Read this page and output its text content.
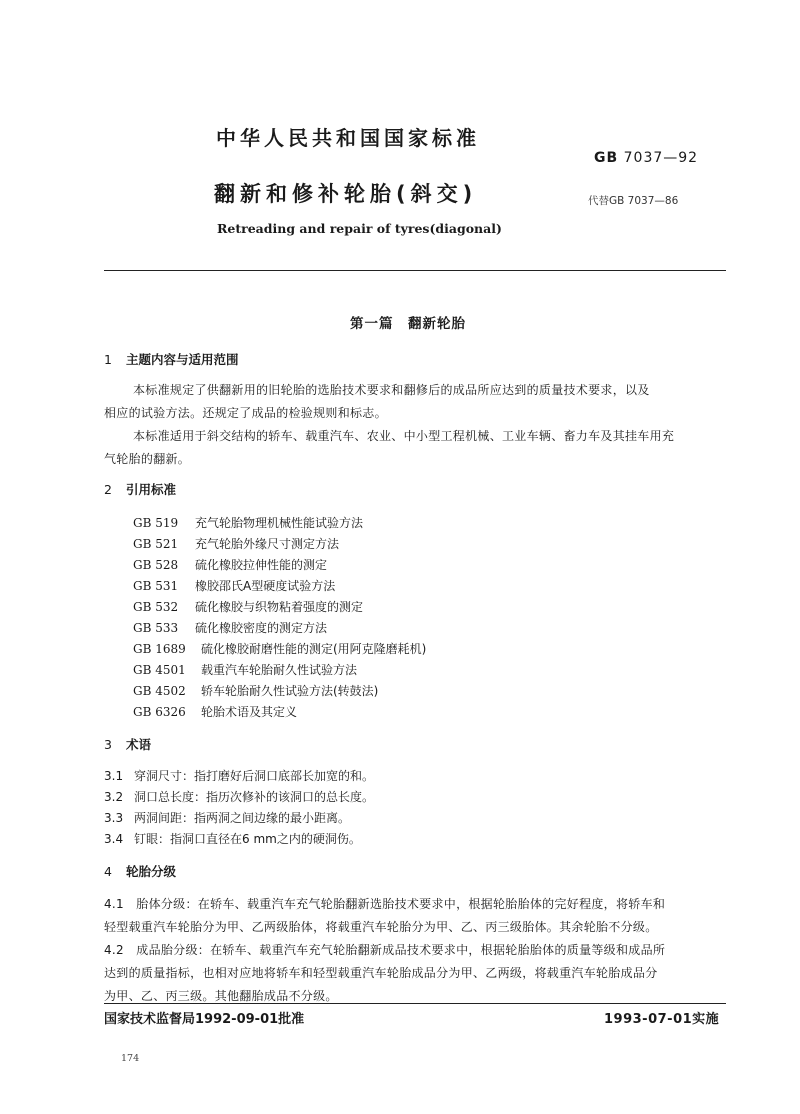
中华人民共和国国家标准
GB 7037—92
翻新和修补轮胎(斜交)	代替GB 7037—86
Retreading and repair of tyres(diagonal)
第一篇　翻新轮胎
1 主题内容与适用范围
本标准规定了供翻新用的旧轮胎的选胎技术要求和翻修后的成品所应达到的质量技术要求，以及
相应的试验方法。还规定了成品的检验规则和标志。
本标准适用于斜交结构的轿车、载重汽车、农业、中小型工程机械、工业车辆、畜力车及其挂车用充
气轮胎的翻新。
2 引用标准
GB 519 充气轮胎物理机械性能试验方法
GB 521 充气轮胎外缘尺寸测定方法
GB 528 硫化橡胶拉伸性能的测定
GB 531 橡胶邵氏A型硬度试验方法
GB 532 硫化橡胶与织物粘着强度的测定
GB 533 硫化橡胶密度的测定方法
GB 1689 硫化橡胶耐磨性能的测定(用阿克隆磨耗机)
GB 4501 载重汽车轮胎耐久性试验方法
GB 4502 轿车轮胎耐久性试验方法(转鼓法)
GB 6326 轮胎术语及其定义
3 术语
3.1 穿洞尺寸：指打磨好后洞口底部长加宽的和。
3.2 洞口总长度：指历次修补的该洞口的总长度。
3.3 两洞间距：指两洞之间边缘的最小距离。
3.4 钉眼：指洞口直径在6 mm之内的硬洞伤。
4 轮胎分级
4.1　胎体分级：在轿车、载重汽车充气轮胎翻新选胎技术要求中，根据轮胎胎体的完好程度，将轿车和
轻型载重汽车轮胎分为甲、乙两级胎体，将载重汽车轮胎分为甲、乙、丙三级胎体。其余轮胎不分级。
4.2　成品胎分级：在轿车、载重汽车充气轮胎翻新成品技术要求中，根据轮胎胎体的质量等级和成品所
达到的质量指标，也相对应地将轿车和轻型载重汽车轮胎成品分为甲、乙两级，将载重汽车轮胎成品分
为甲、乙、丙三级。其他翻胎成品不分级。
国家技术监督局1992-09-01批准	1993-07-01实施
174
